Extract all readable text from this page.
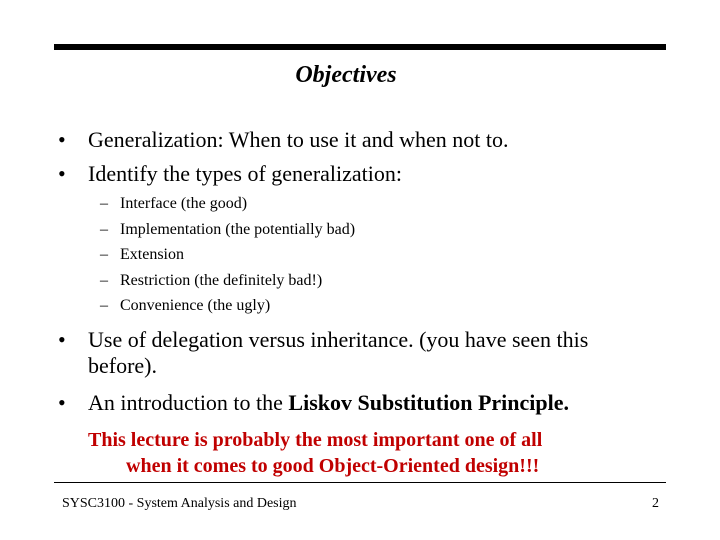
Objectives
• Generalization: When to use it and when not to.
• Identify the types of generalization:
– Interface (the good)
– Implementation (the potentially bad)
– Extension
– Restriction (the definitely bad!)
– Convenience (the ugly)
• Use of delegation versus inheritance. (you have seen this
before).
• An introduction to the Liskov Substitution Principle.
This lecture is probably the most important one of all
when it comes to good Object-Oriented design!!!
SYSC3100 - System Analysis and Design	2
